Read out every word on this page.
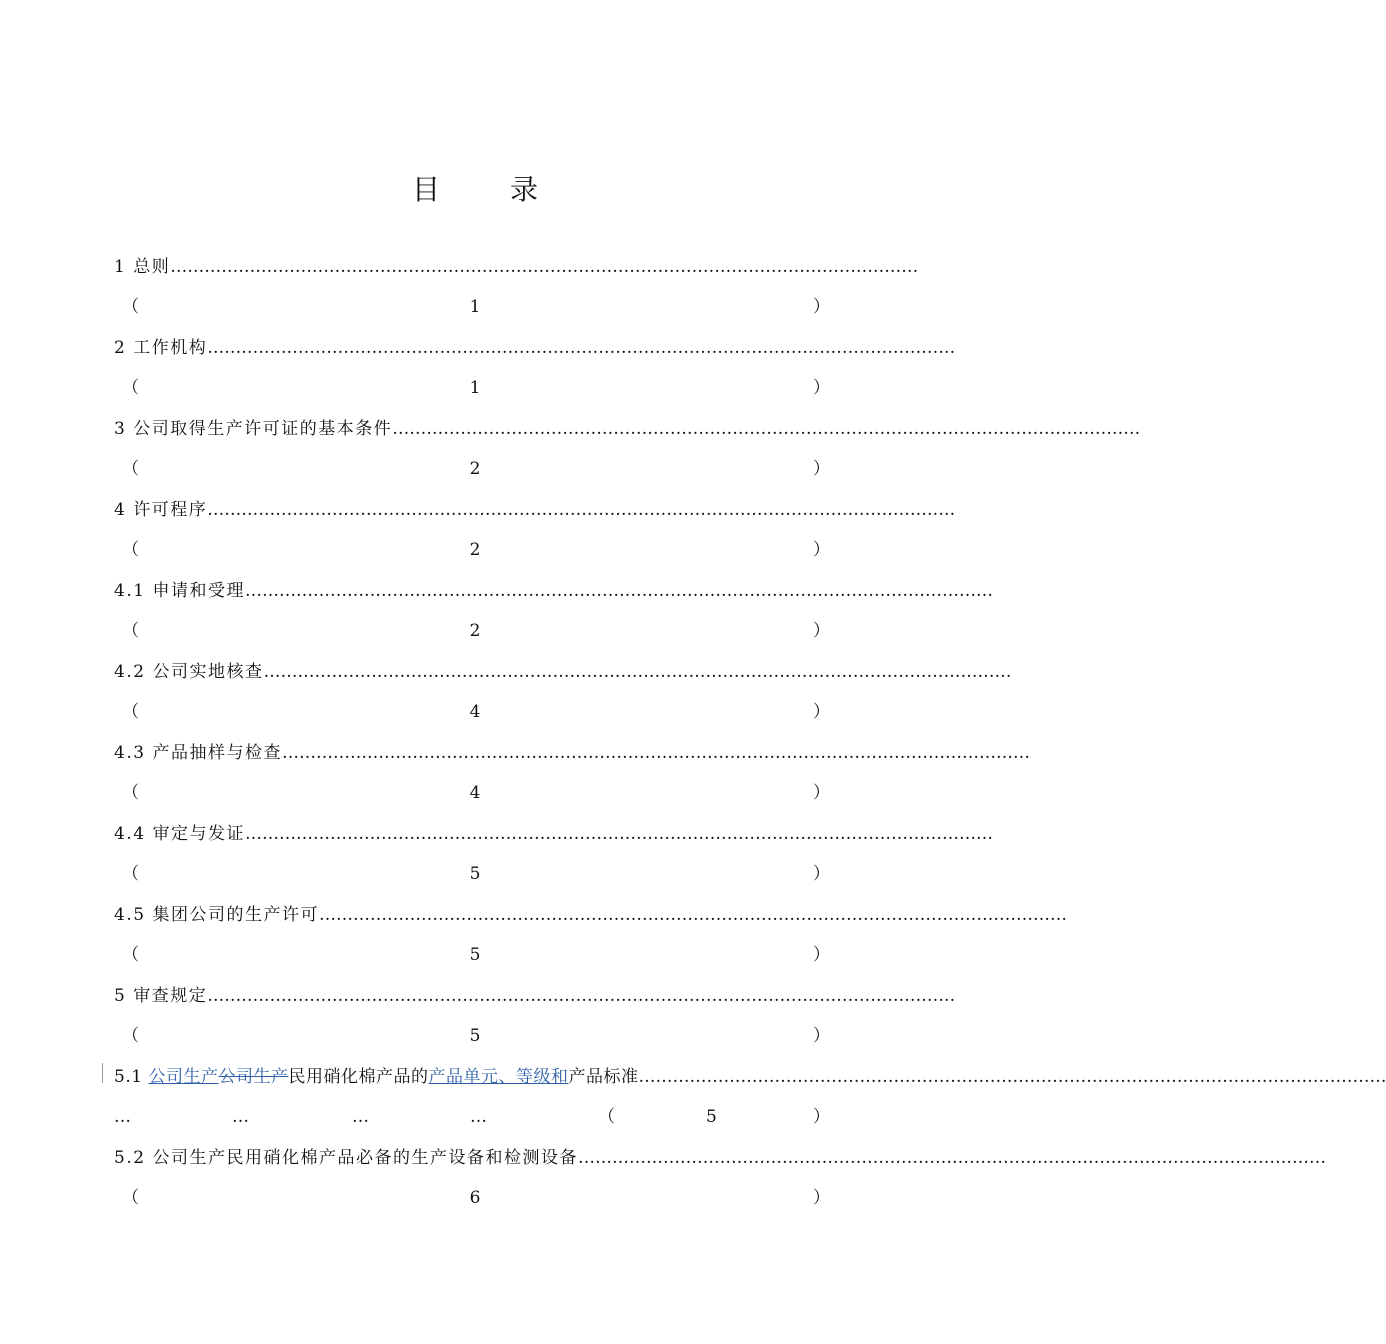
目	录
1 总则……………………………………………………………………………………………………………………
（	1	）
2 工作机构……………………………………………………………………………………………………………………
（	1	）
3 公司取得生产许可证的基本条件……………………………………………………………………………………………………………………
（	2	）
4 许可程序……………………………………………………………………………………………………………………
（	2	）
4.1 申请和受理……………………………………………………………………………………………………………………
（	2	）
4.2 公司实地核查……………………………………………………………………………………………………………………
（	4	）
4.3 产品抽样与检查……………………………………………………………………………………………………………………
（	4	）
4.4 审定与发证……………………………………………………………………………………………………………………
（	5	）
4.5 集团公司的生产许可……………………………………………………………………………………………………………………
（	5	）
5 审查规定……………………………………………………………………………………………………………………
（	5	）
5.1 公司生产公司生产民用硝化棉产品的产品单元、等级和产品标准……………………………………………………………………………………………………………………
…	…	…	…	（	5	）
5.2 公司生产民用硝化棉产品必备的生产设备和检测设备……………………………………………………………………………………………………………………
（	6	）
